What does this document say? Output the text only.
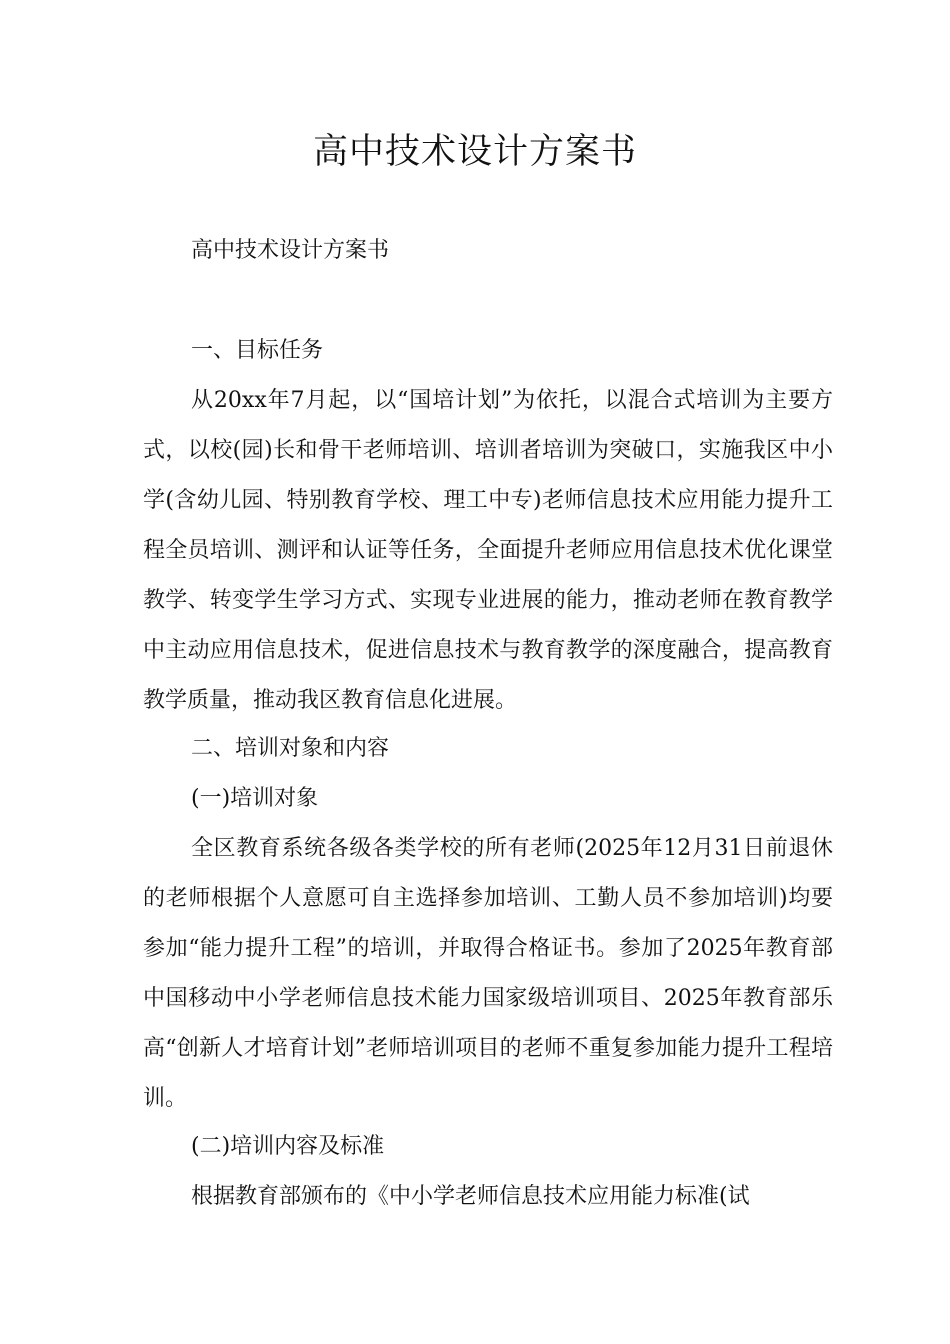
高中技术设计方案书

高中技术设计方案书

一、目标任务

从20xx年7月起，以“国培计划”为依托，以混合式培训为主要方式，以校(园)长和骨干老师培训、培训者培训为突破口，实施我区中小学(含幼儿园、特别教育学校、理工中专)老师信息技术应用能力提升工程全员培训、测评和认证等任务，全面提升老师应用信息技术优化课堂教学、转变学生学习方式、实现专业进展的能力，推动老师在教育教学中主动应用信息技术，促进信息技术与教育教学的深度融合，提高教育教学质量，推动我区教育信息化进展。

二、培训对象和内容

(一)培训对象

全区教育系统各级各类学校的所有老师(2025年12月31日前退休的老师根据个人意愿可自主选择参加培训、工勤人员不参加培训)均要参加“能力提升工程”的培训，并取得合格证书。参加了2025年教育部中国移动中小学老师信息技术能力国家级培训项目、2025年教育部乐高“创新人才培育计划”老师培训项目的老师不重复参加能力提升工程培训。

(二)培训内容及标准

根据教育部颁布的《中小学老师信息技术应用能力标准(试
